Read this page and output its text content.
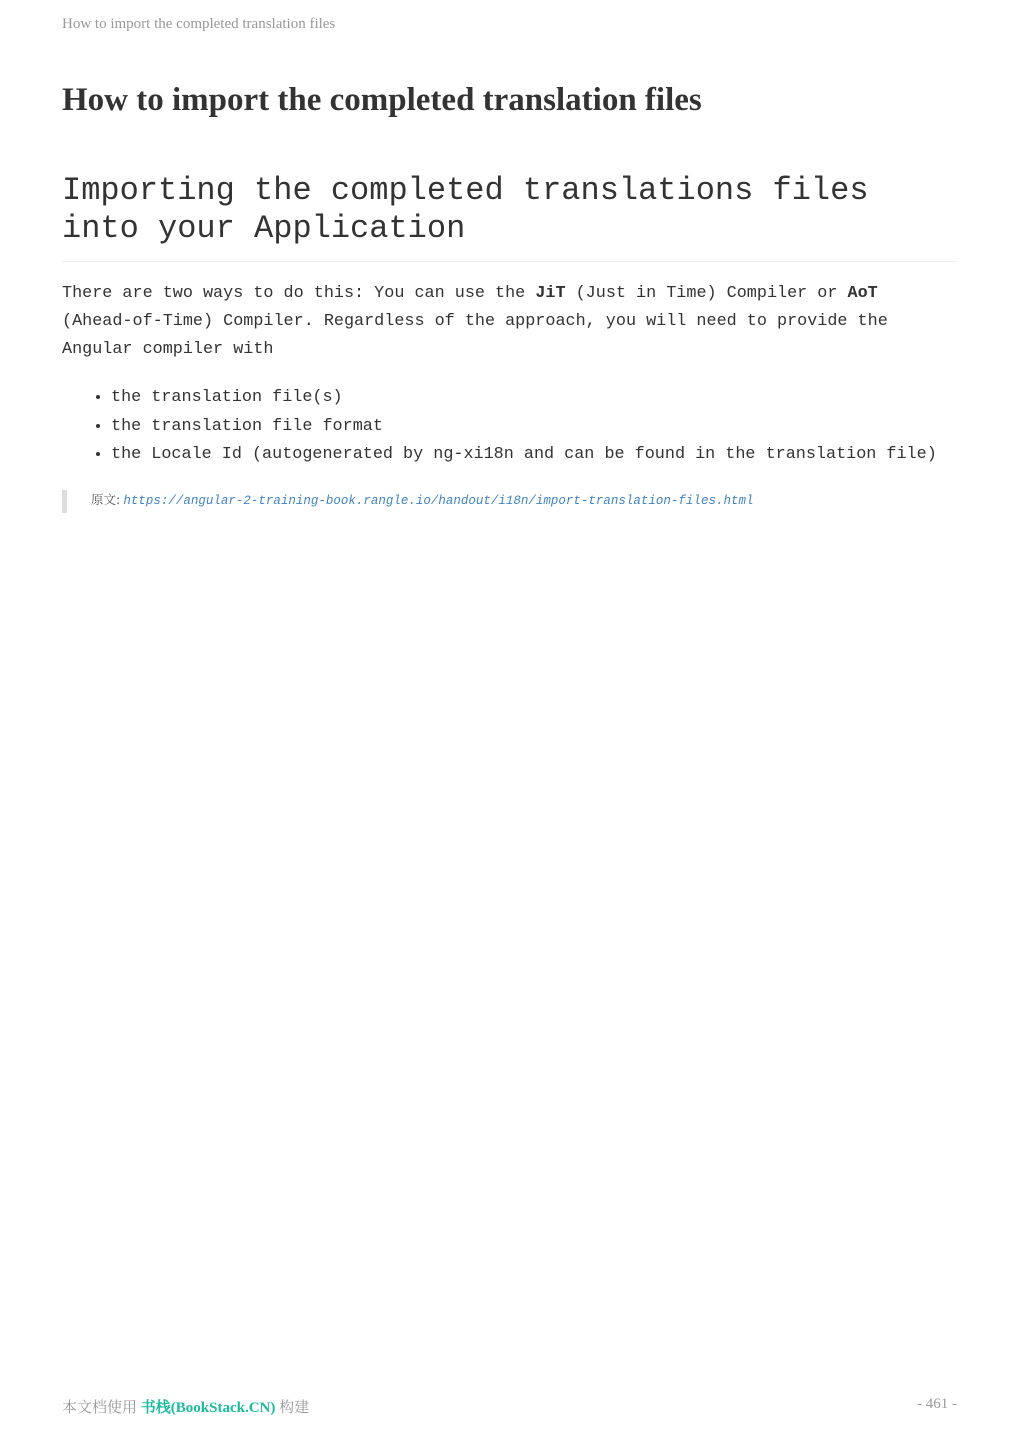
How to import the completed translation files
How to import the completed translation files
Importing the completed translations files into your Application

There are two ways to do this: You can use the JiT (Just in Time) Compiler or AoT (Ahead-of-Time) Compiler. Regardless of the approach, you will need to provide the Angular compiler with

• the translation file(s)
• the translation file format
• the Locale Id (autogenerated by ng-xi18n and can be found in the translation file)
原文: https://angular-2-training-book.rangle.io/handout/i18n/import-translation-files.html
本文档使用 书栈(BookStack.CN) 构建	- 461 -
